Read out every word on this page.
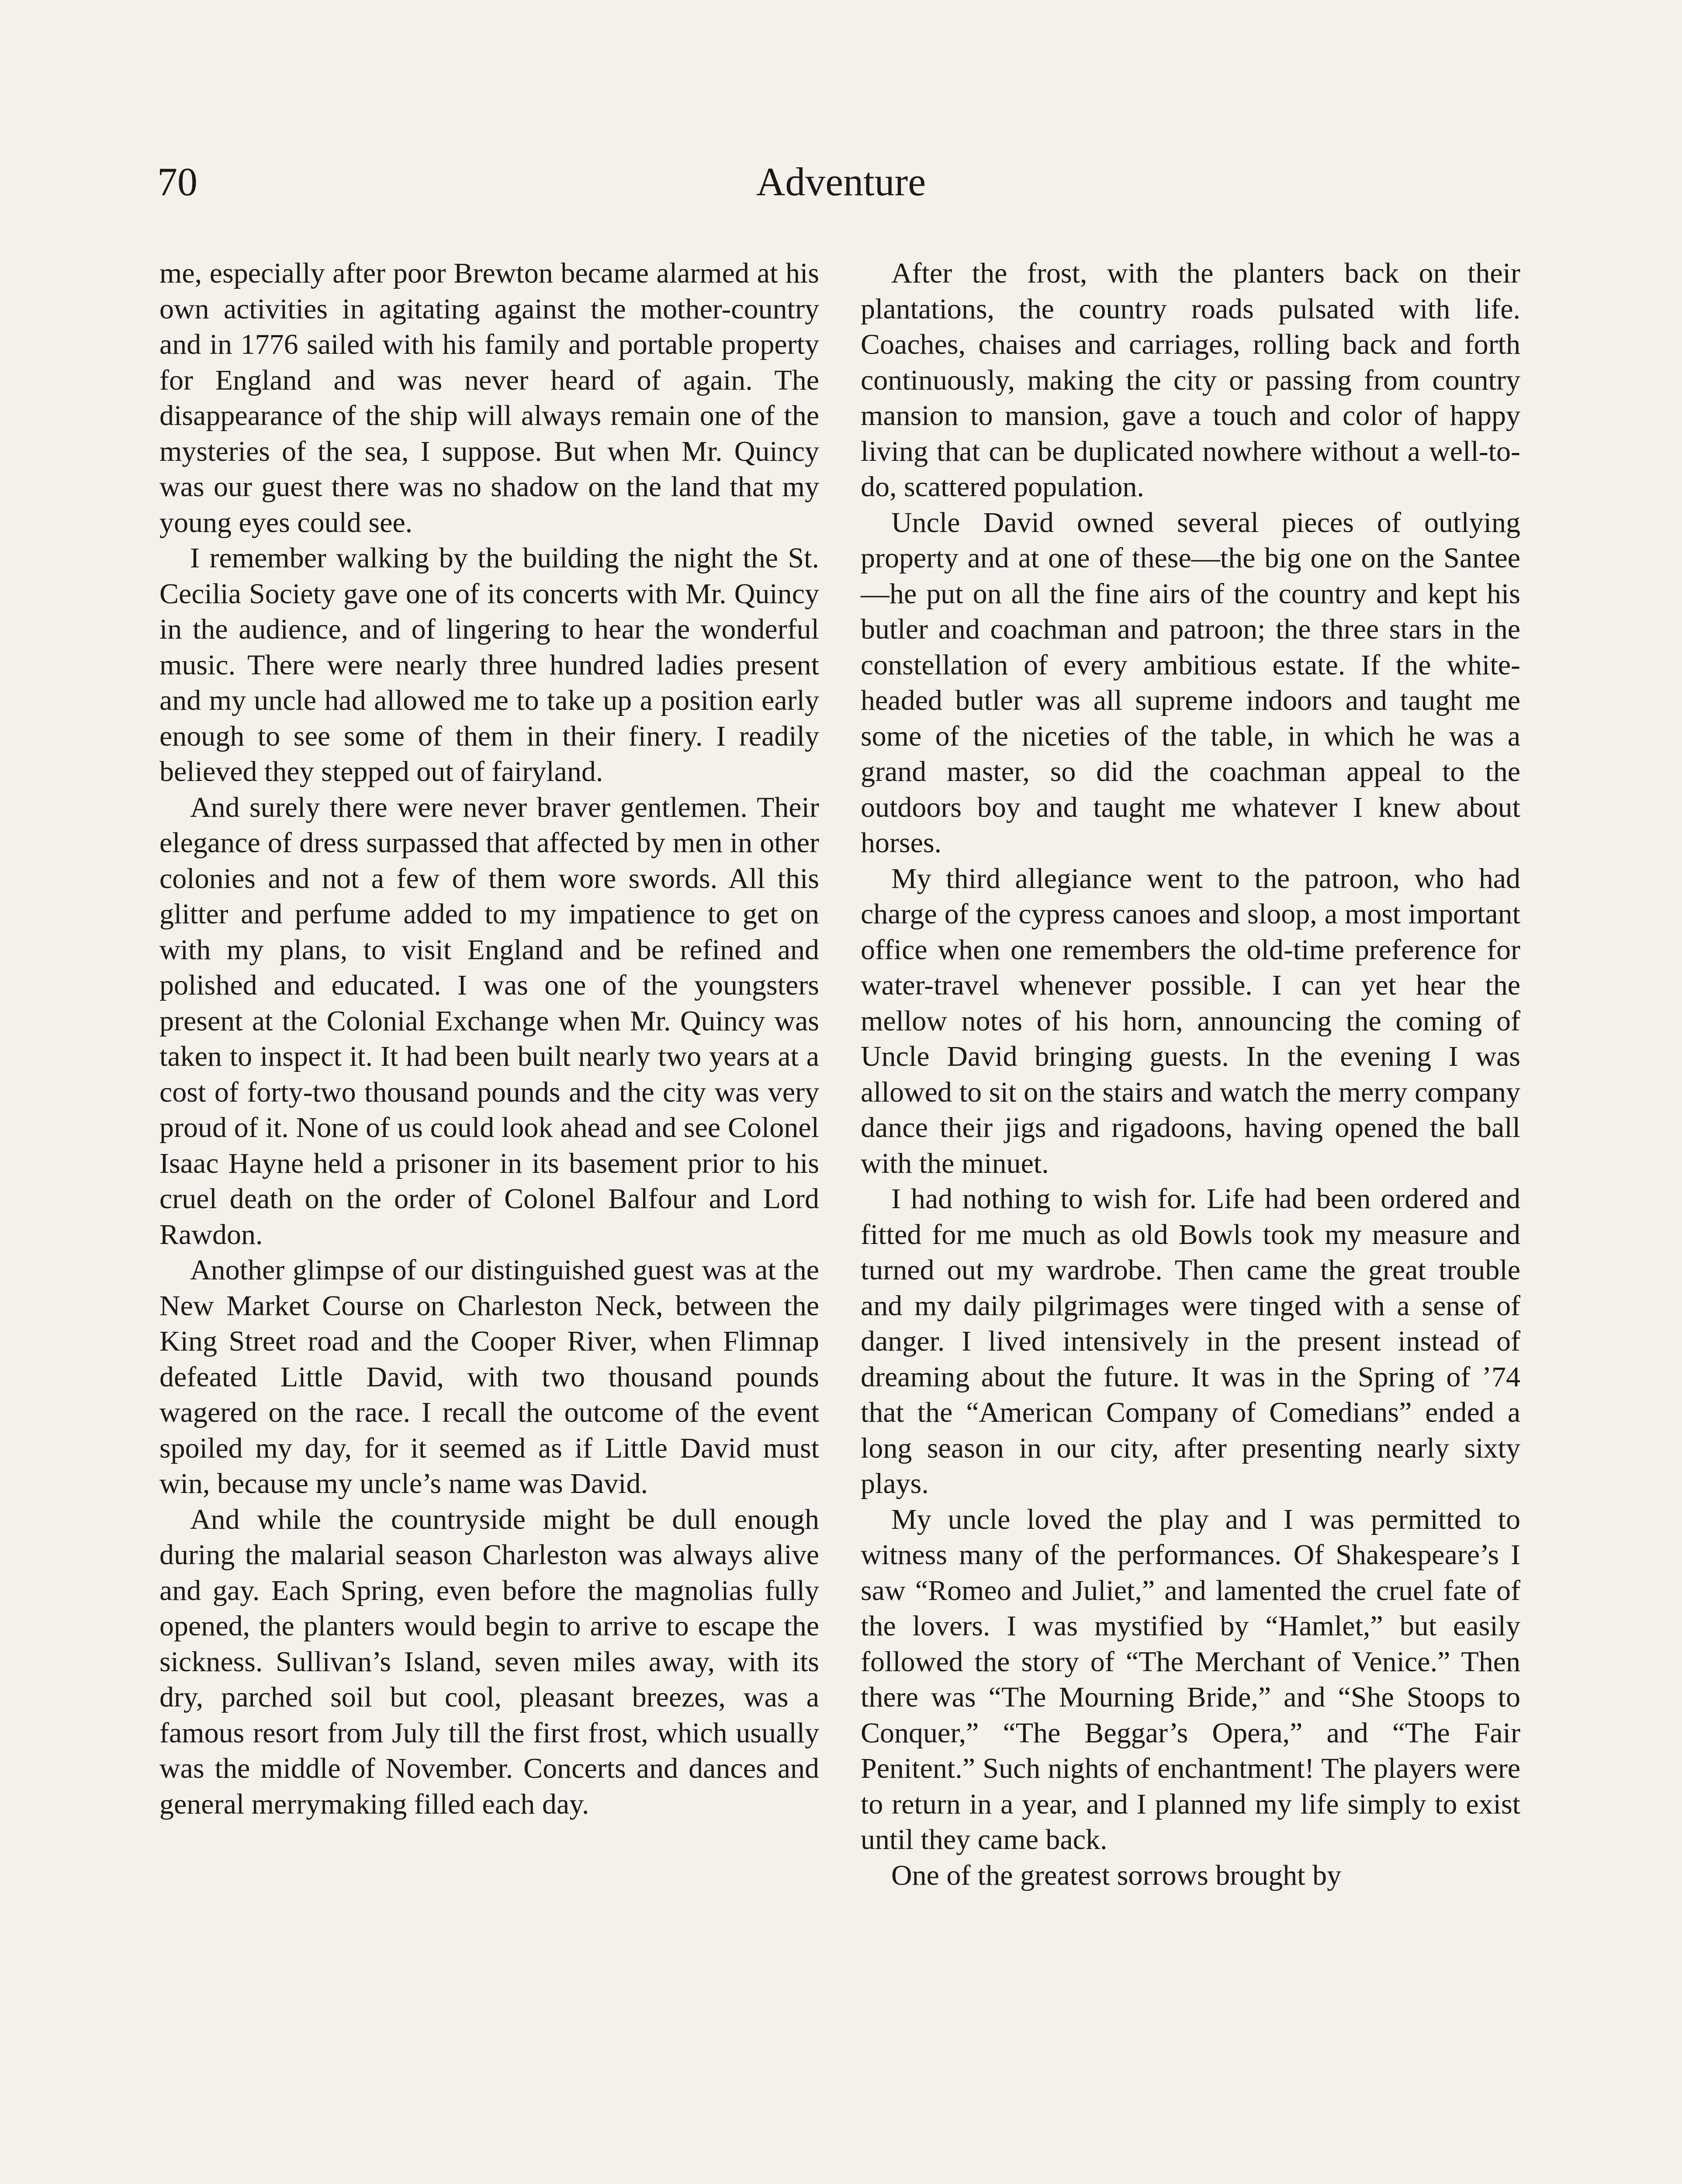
70	Adventure

me, especially after poor Brewton became alarmed at his own activities in agitating against the mother-country and in 1776 sailed with his family and portable property for England and was never heard of again. The disappearance of the ship will always remain one of the mysteries of the sea, I suppose. But when Mr. Quincy was our guest there was no shadow on the land that my young eyes could see.

I remember walking by the building the night the St. Cecilia Society gave one of its concerts with Mr. Quincy in the audience, and of lingering to hear the wonderful music. There were nearly three hundred ladies present and my uncle had allowed me to take up a position early enough to see some of them in their finery. I readily believed they stepped out of fairyland.

And surely there were never braver gentlemen. Their elegance of dress surpassed that affected by men in other colonies and not a few of them wore swords. All this glitter and perfume added to my impatience to get on with my plans, to visit England and be refined and polished and educated. I was one of the youngsters present at the Colonial Exchange when Mr. Quincy was taken to inspect it. It had been built nearly two years at a cost of forty-two thousand pounds and the city was very proud of it. None of us could look ahead and see Colonel Isaac Hayne held a prisoner in its basement prior to his cruel death on the order of Colonel Balfour and Lord Rawdon.

Another glimpse of our distinguished guest was at the New Market Course on Charleston Neck, between the King Street road and the Cooper River, when Flimnap defeated Little David, with two thousand pounds wagered on the race. I recall the outcome of the event spoiled my day, for it seemed as if Little David must win, because my uncle’s name was David.

And while the countryside might be dull enough during the malarial season Charleston was always alive and gay. Each Spring, even before the magnolias fully opened, the planters would begin to arrive to escape the sickness. Sullivan’s Island, seven miles away, with its dry, parched soil but cool, pleasant breezes, was a famous resort from July till the first frost, which usually was the middle of November. Concerts and dances and general merrymaking filled each day.

After the frost, with the planters back on their plantations, the country roads pulsated with life. Coaches, chaises and carriages, rolling back and forth continuously, making the city or passing from country mansion to mansion, gave a touch and color of happy living that can be duplicated nowhere without a well-to-do, scattered population.

Uncle David owned several pieces of outlying property and at one of these—the big one on the Santee—he put on all the fine airs of the country and kept his butler and coachman and patroon; the three stars in the constellation of every ambitious estate. If the white-headed butler was all supreme indoors and taught me some of the niceties of the table, in which he was a grand master, so did the coachman appeal to the outdoors boy and taught me whatever I knew about horses.

My third allegiance went to the patroon, who had charge of the cypress canoes and sloop, a most important office when one remembers the old-time preference for water-travel whenever possible. I can yet hear the mellow notes of his horn, announcing the coming of Uncle David bringing guests. In the evening I was allowed to sit on the stairs and watch the merry company dance their jigs and rigadoons, having opened the ball with the minuet.

I had nothing to wish for. Life had been ordered and fitted for me much as old Bowls took my measure and turned out my wardrobe. Then came the great trouble and my daily pilgrimages were tinged with a sense of danger. I lived intensively in the present instead of dreaming about the future. It was in the Spring of ’74 that the “American Company of Comedians” ended a long season in our city, after presenting nearly sixty plays.

My uncle loved the play and I was permitted to witness many of the performances. Of Shakespeare’s I saw “Romeo and Juliet,” and lamented the cruel fate of the lovers. I was mystified by “Hamlet,” but easily followed the story of “The Merchant of Venice.” Then there was “The Mourning Bride,” and “She Stoops to Conquer,” “The Beggar’s Opera,” and “The Fair Penitent.” Such nights of enchantment! The players were to return in a year, and I planned my life simply to exist until they came back.

One of the greatest sorrows brought by
